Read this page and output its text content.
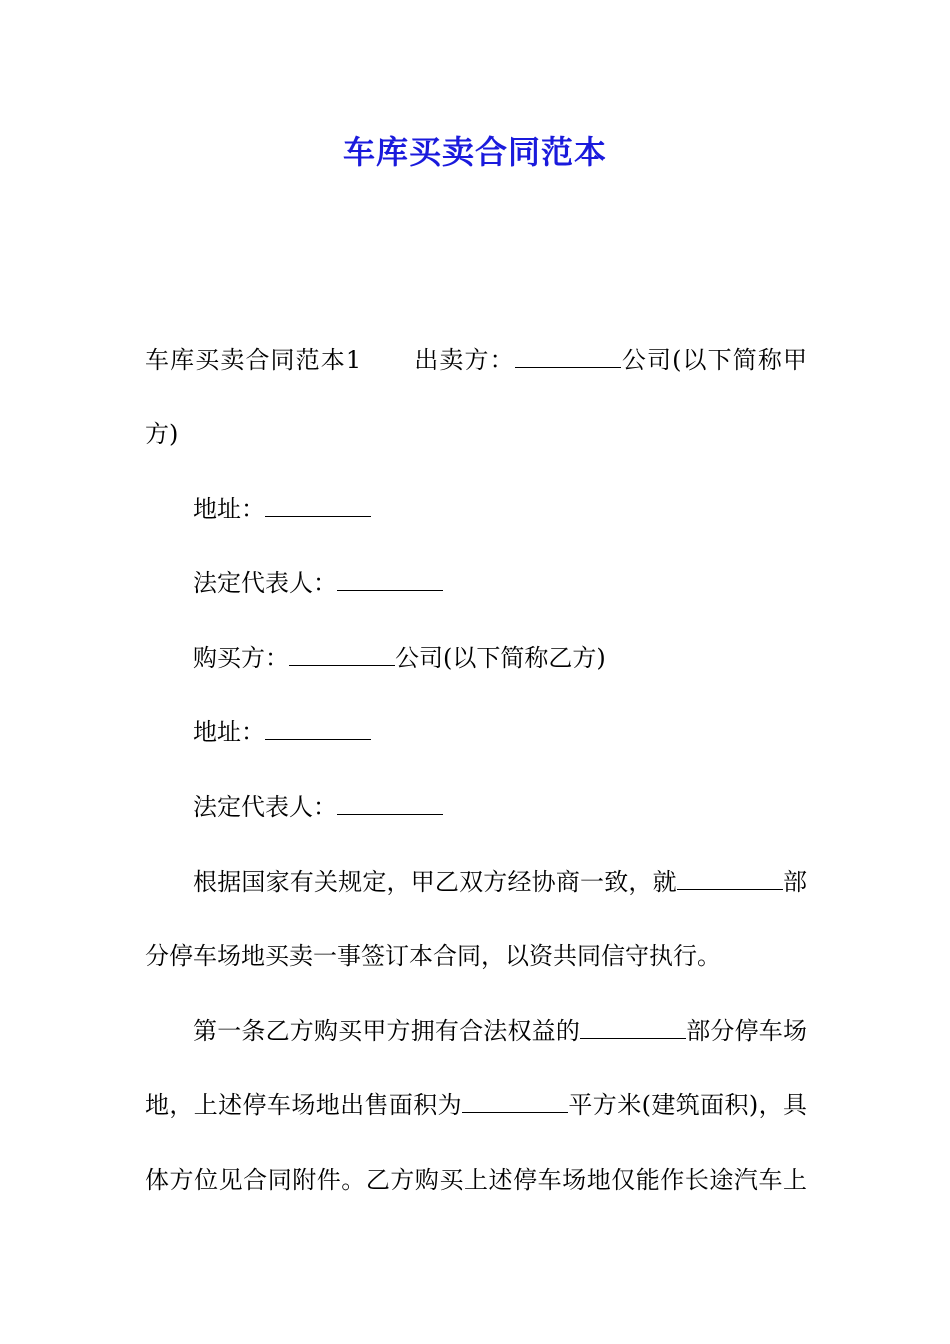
车库买卖合同范本
车库买卖合同范本1 出卖方：	公司(以下简称甲
方)
地址：
法定代表人：
购买方：	公司(以下简称乙方)
地址：
法定代表人：
根据国家有关规定，甲乙双方经协商一致，就	部
分停车场地买卖一事签订本合同，以资共同信守执行。
第一条乙方购买甲方拥有合法权益的	部分停车场
地，上述停车场地出售面积为	平方米(建筑面积)，具
体方位见合同附件。乙方购买上述停车场地仅能作长途汽车上
